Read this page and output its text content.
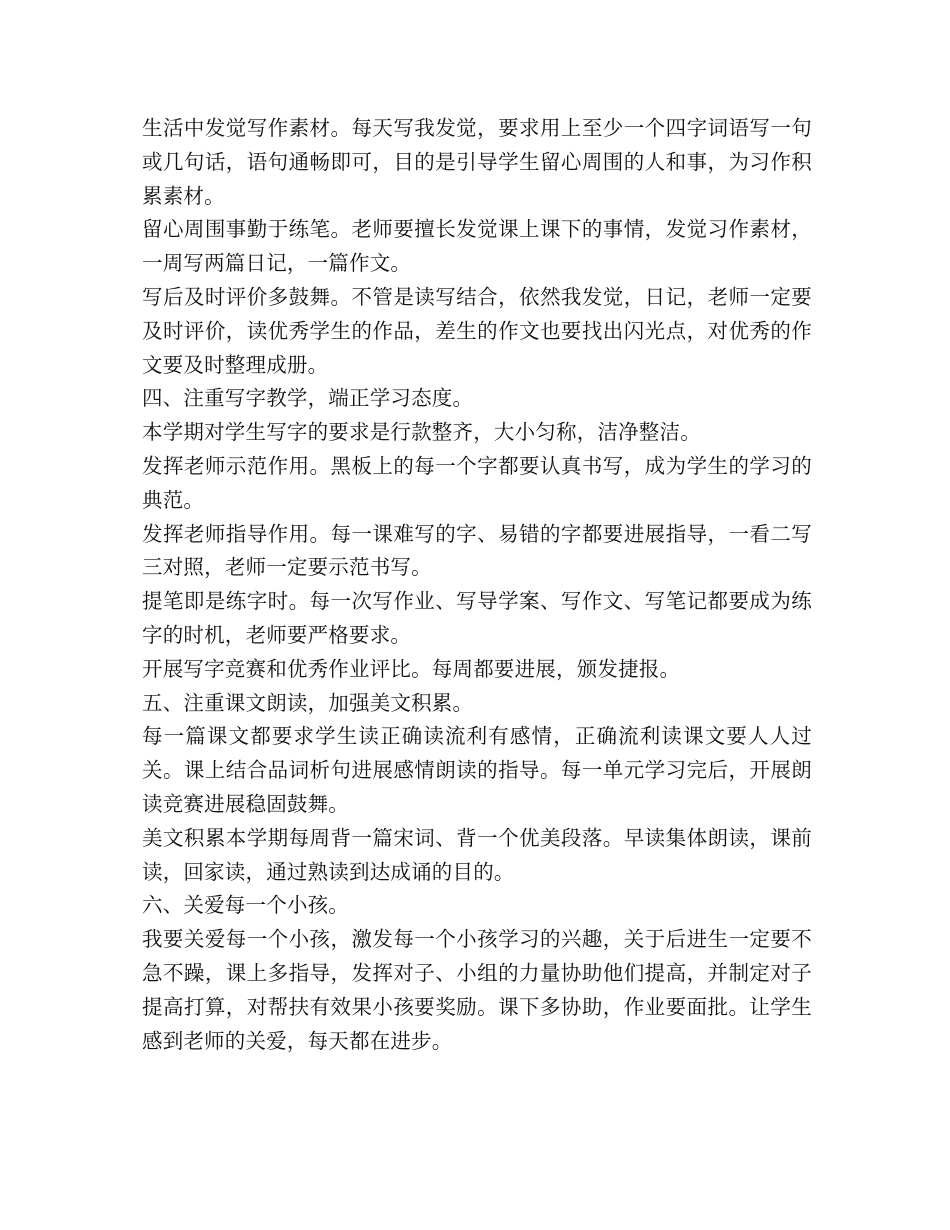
生活中发觉写作素材。每天写我发觉，要求用上至少一个四字词语写一句或几句话，语句通畅即可，目的是引导学生留心周围的人和事，为习作积累素材。

留心周围事勤于练笔。老师要擅长发觉课上课下的事情，发觉习作素材，一周写两篇日记，一篇作文。

写后及时评价多鼓舞。不管是读写结合，依然我发觉，日记，老师一定要及时评价，读优秀学生的作品，差生的作文也要找出闪光点，对优秀的作文要及时整理成册。

四、注重写字教学，端正学习态度。

本学期对学生写字的要求是行款整齐，大小匀称，洁净整洁。

发挥老师示范作用。黑板上的每一个字都要认真书写，成为学生的学习的典范。

发挥老师指导作用。每一课难写的字、易错的字都要进展指导，一看二写三对照，老师一定要示范书写。

提笔即是练字时。每一次写作业、写导学案、写作文、写笔记都要成为练字的时机，老师要严格要求。

开展写字竞赛和优秀作业评比。每周都要进展，颁发捷报。

五、注重课文朗读，加强美文积累。

每一篇课文都要求学生读正确读流利有感情，正确流利读课文要人人过关。课上结合品词析句进展感情朗读的指导。每一单元学习完后，开展朗读竞赛进展稳固鼓舞。

美文积累本学期每周背一篇宋词、背一个优美段落。早读集体朗读，课前读，回家读，通过熟读到达成诵的目的。

六、关爱每一个小孩。

我要关爱每一个小孩，激发每一个小孩学习的兴趣，关于后进生一定要不急不躁，课上多指导，发挥对子、小组的力量协助他们提高，并制定对子提高打算，对帮扶有效果小孩要奖励。课下多协助，作业要面批。让学生感到老师的关爱，每天都在进步。
